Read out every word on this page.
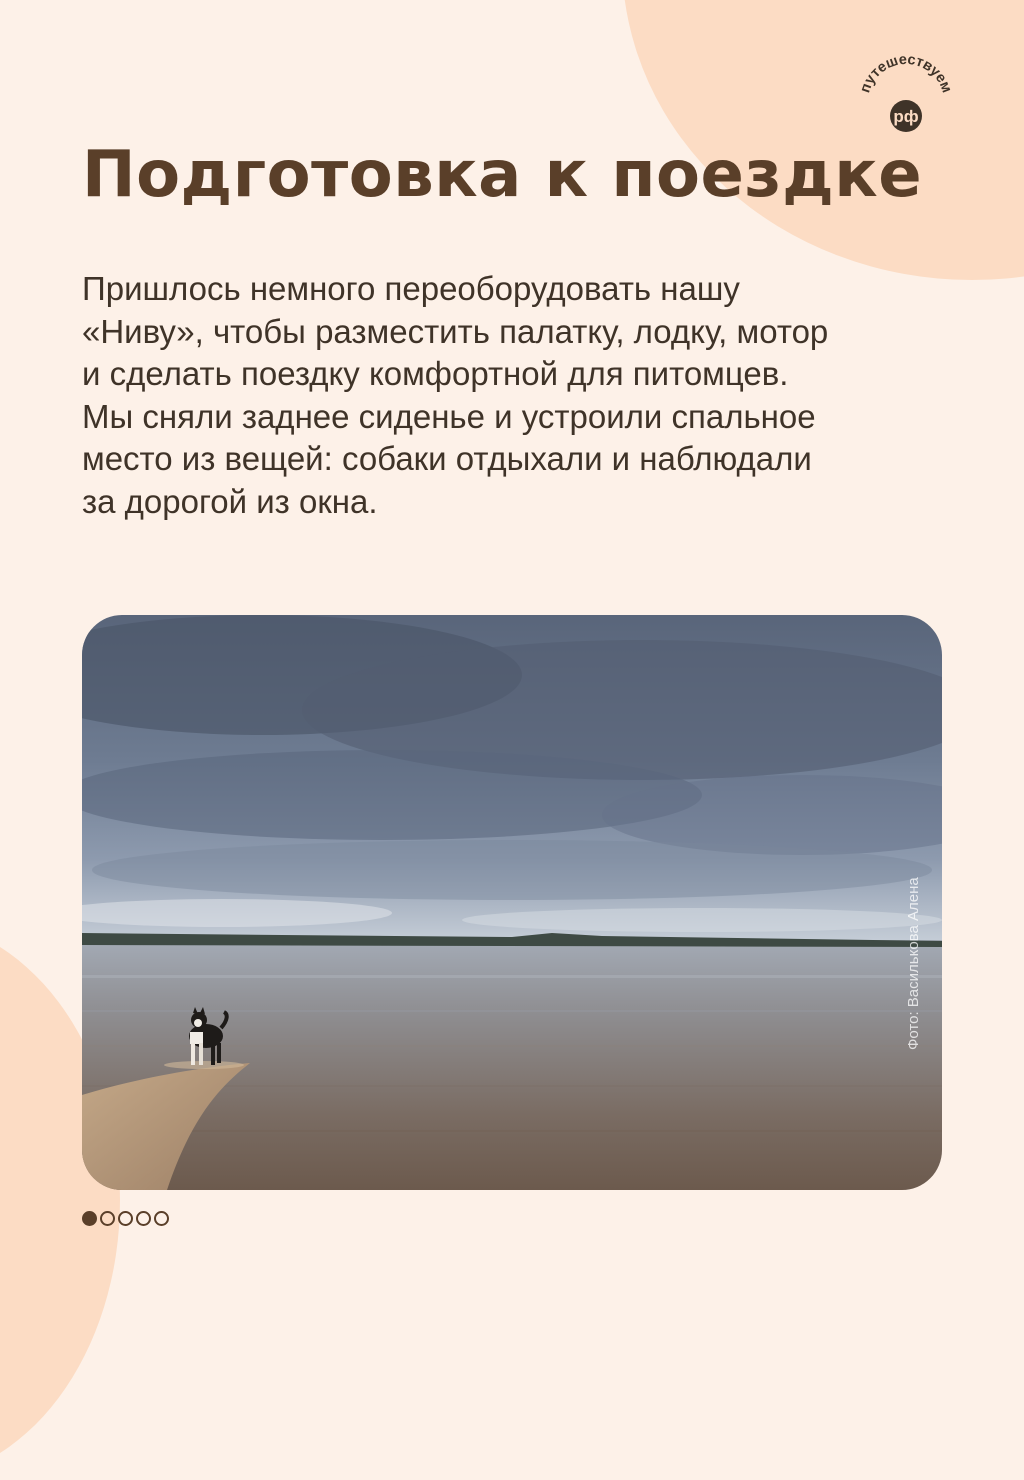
путешествуем
рф
Подготовка к поездке
Пришлось немного переоборудовать нашу
«Ниву», чтобы разместить палатку, лодку, мотор
и сделать поездку комфортной для питомцев.
Мы сняли заднее сиденье и устроили спальное
место из вещей: собаки отдыхали и наблюдали
за дорогой из окна.
Фото: Василькова Алена
